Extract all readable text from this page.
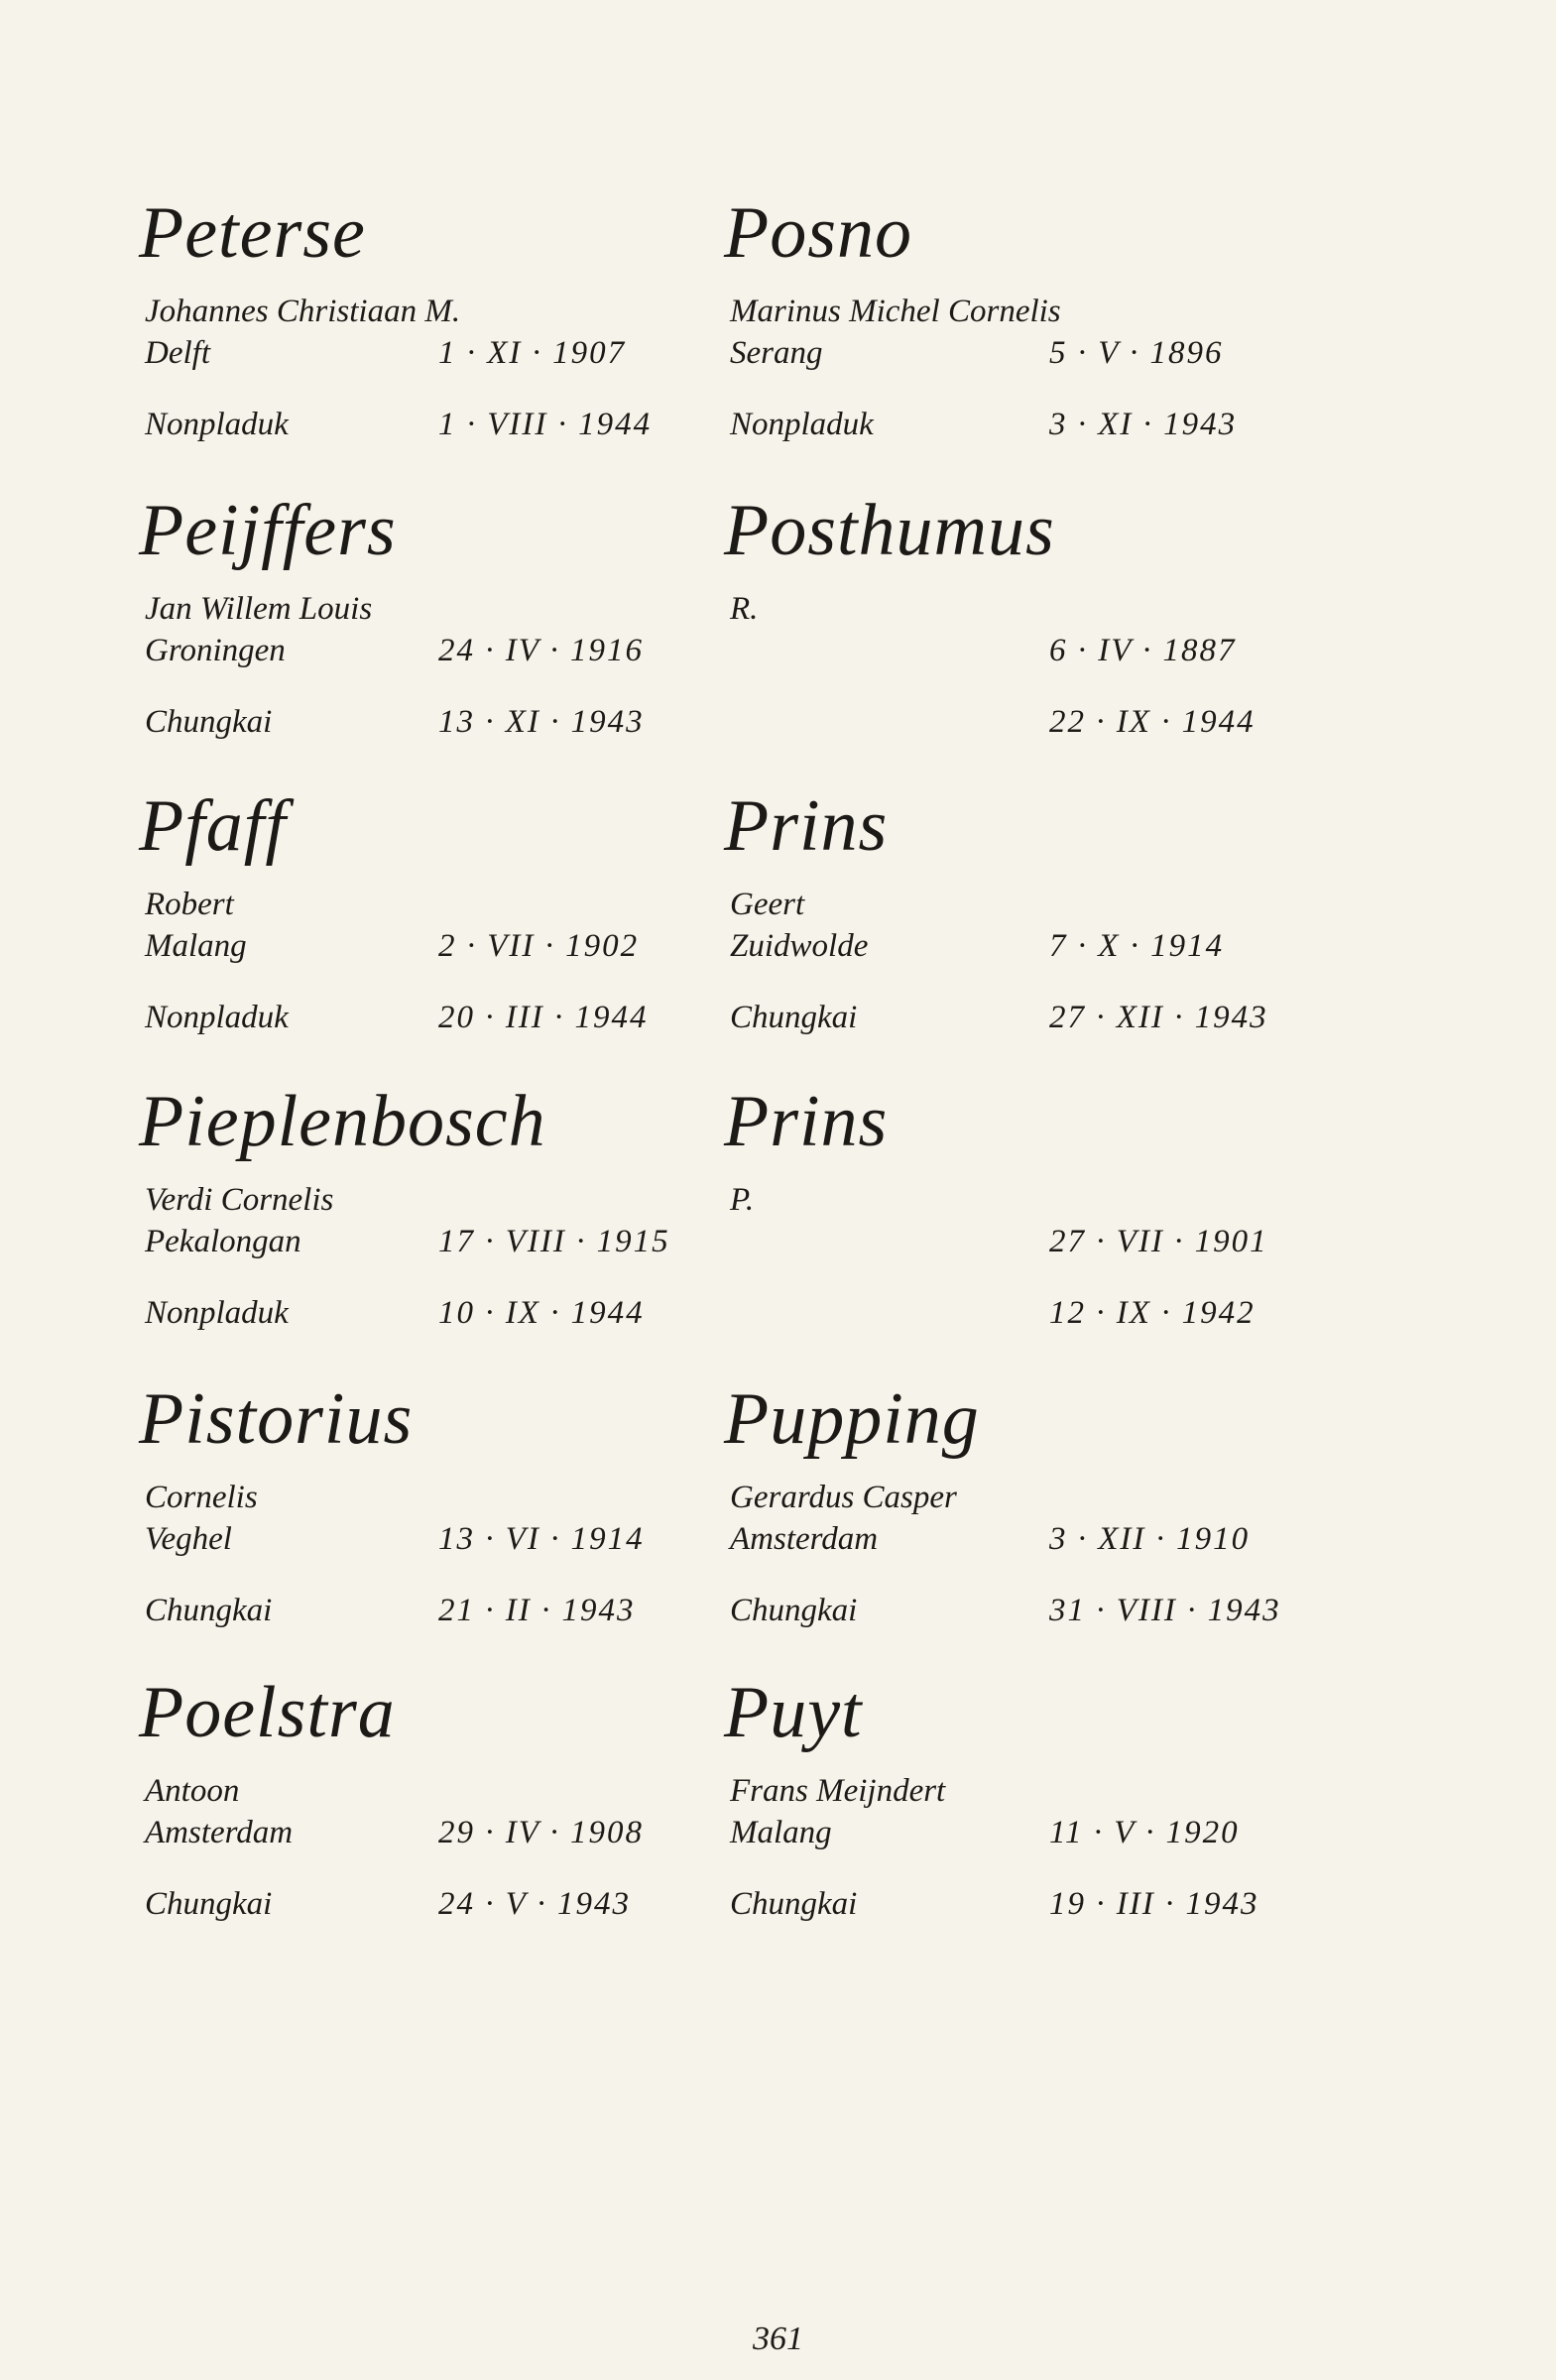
Peterse
Johannes Christiaan M.
Delft	1 · XI · 1907
Nonpladuk	1 · VIII · 1944
Peijffers
Jan Willem Louis
Groningen	24 · IV · 1916
Chungkai	13 · XI · 1943
Pfaff
Robert
Malang	2 · VII · 1902
Nonpladuk	20 · III · 1944
Pieplenbosch
Verdi Cornelis
Pekalongan	17 · VIII · 1915
Nonpladuk	10 · IX · 1944
Pistorius
Cornelis
Veghel	13 · VI · 1914
Chungkai	21 · II · 1943
Poelstra
Antoon
Amsterdam	29 · IV · 1908
Chungkai	24 · V · 1943
Posno
Marinus Michel Cornelis
Serang	5 · V · 1896
Nonpladuk	3 · XI · 1943
Posthumus
R.
6 · IV · 1887
22 · IX · 1944
Prins
Geert
Zuidwolde	7 · X · 1914
Chungkai	27 · XII · 1943
Prins
P.
27 · VII · 1901
12 · IX · 1942
Pupping
Gerardus Casper
Amsterdam	3 · XII · 1910
Chungkai	31 · VIII · 1943
Puyt
Frans Meijndert
Malang	11 · V · 1920
Chungkai	19 · III · 1943
361
